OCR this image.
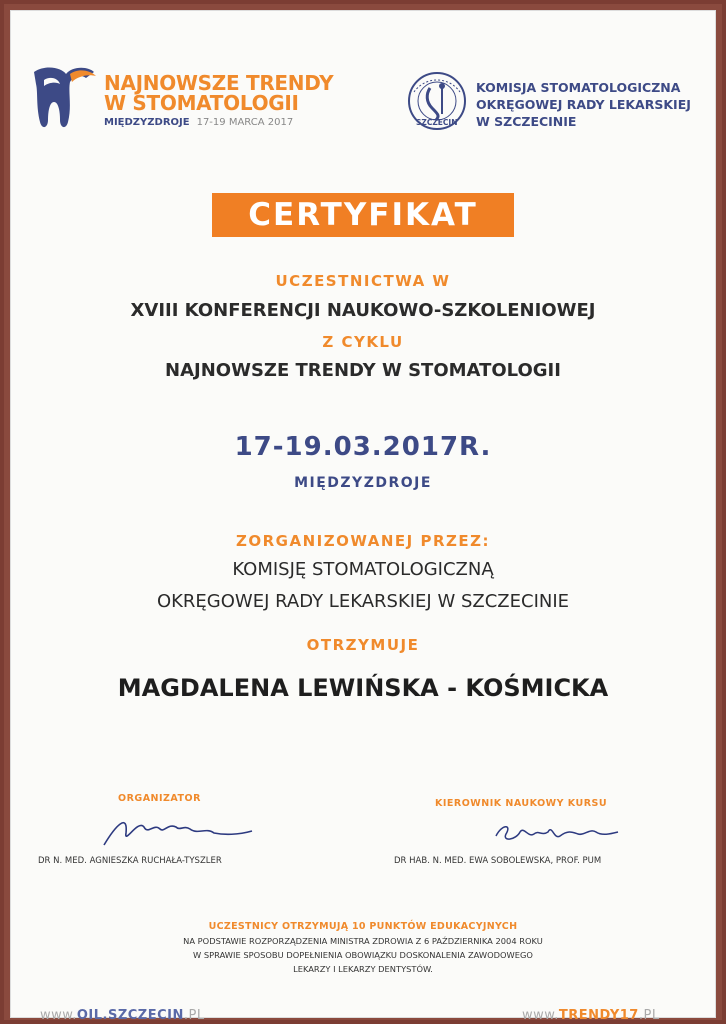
NAJNOWSZE TRENDY
W STOMATOLOGII
MIĘDZYZDROJE 17-19 MARCA 2017	SZCZECIN
KOMISJA STOMATOLOGICZNA
OKRĘGOWEJ RADY LEKARSKIEJ
W SZCZECINIE
CERTYFIKAT
UCZESTNICTWA W
XVIII KONFERENCJI NAUKOWO-SZKOLENIOWEJ
Z CYKLU
NAJNOWSZE TRENDY W STOMATOLOGII
17-19.03.2017R.
MIĘDZYZDROJE
ZORGANIZOWANEJ PRZEZ:
KOMISJĘ STOMATOLOGICZNĄ
OKRĘGOWEJ RADY LEKARSKIEJ W SZCZECINIE
OTRZYMUJE
MAGDALENA LEWIŃSKA - KOŚMICKA
ORGANIZATOR
DR N. MED. AGNIESZKA RUCHAŁA-TYSZLER
KIEROWNIK NAUKOWY KURSU
DR HAB. N. MED. EWA SOBOLEWSKA, PROF. PUM
UCZESTNICY OTRZYMUJĄ 10 PUNKTÓW EDUKACYJNYCH
NA PODSTAWIE ROZPORZĄDZENIA MINISTRA ZDROWIA Z 6 PAŹDZIERNIKA 2004 ROKU
W SPRAWIE SPOSOBU DOPEŁNIENIA OBOWIĄZKU DOSKONALENIA ZAWODOWEGO
LEKARZY I LEKARZY DENTYSTÓW.
www.OIL.SZCZECIN.PL	www.TRENDY17.PL
